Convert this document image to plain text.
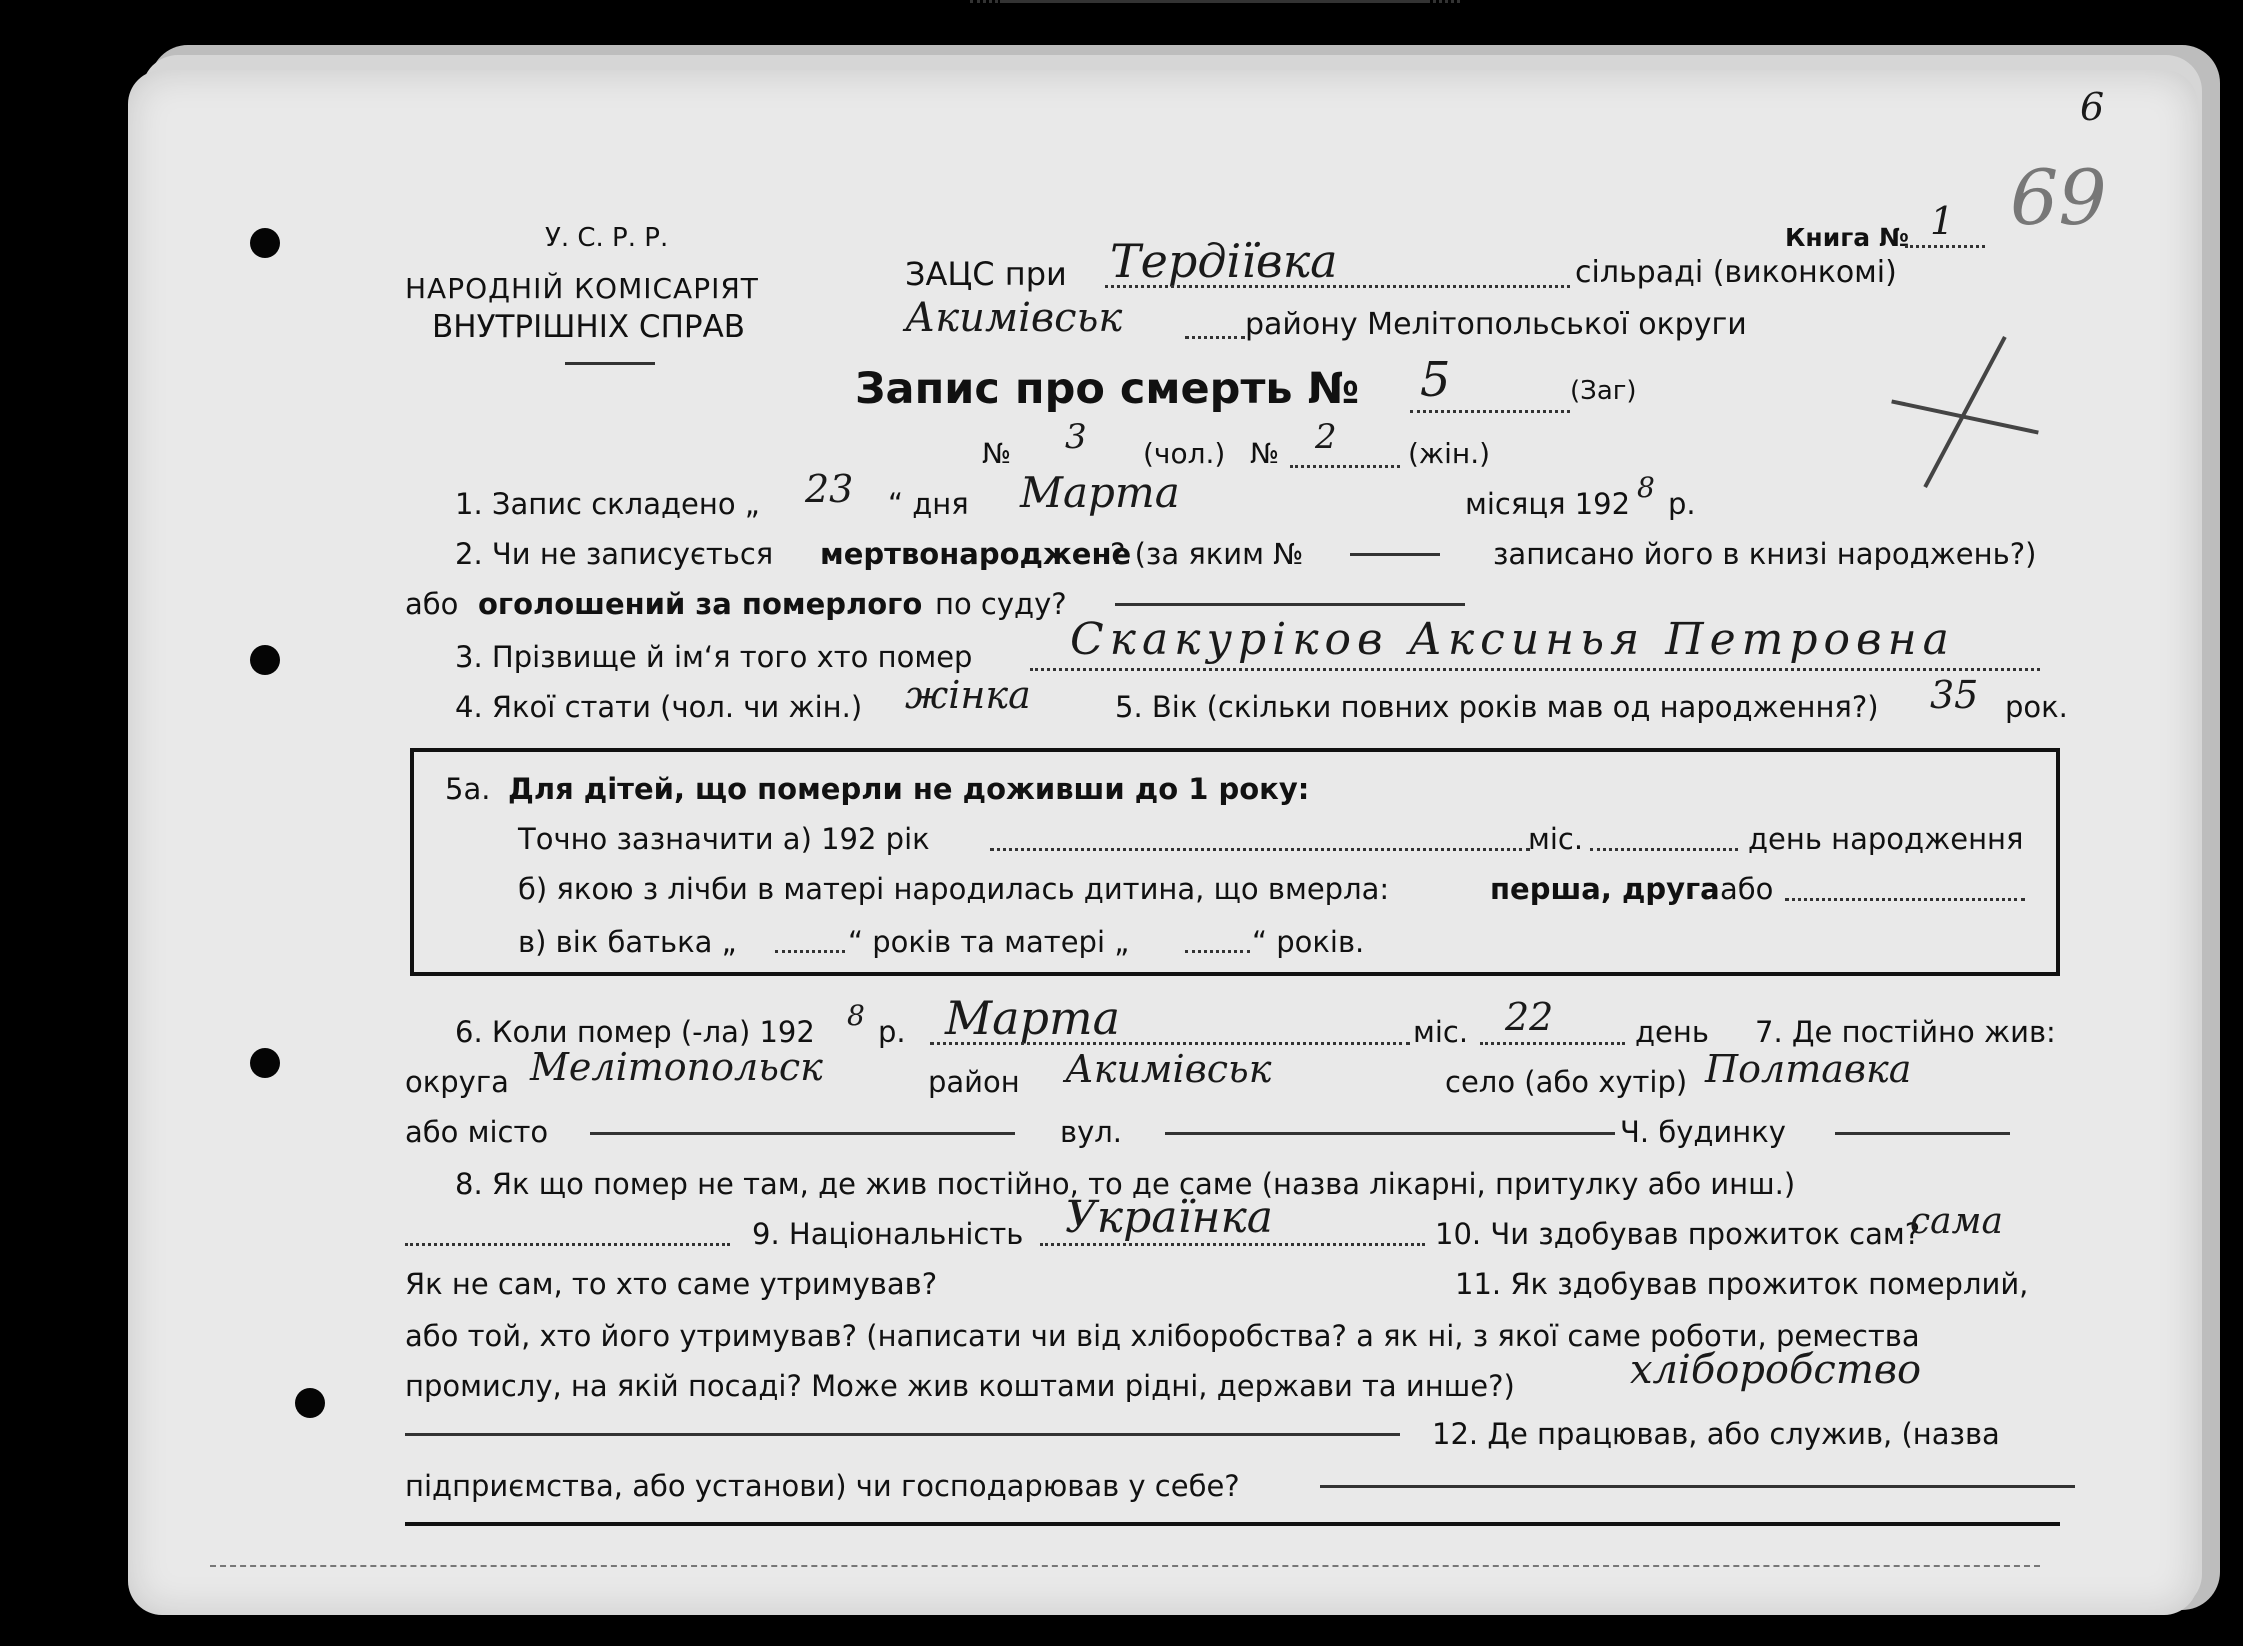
6
69
У. С. Р. Р.
НАРОДНІЙ КОМІСАРІЯТ
ВНУТРІШНІХ СПРАВ
Книга № 1
ЗАЦС при Тердіївка	сільраді (виконкомі)
Акимівськ	району Мелітопольської округи
Запис про смерть № 5	(Заг)
№ 3 (чол.) № 2	(жін.)
1. Запис складено „ 23 “ дня Марта	місяця 192 8 р.
2. Чи не записується мертвонароджене
? (за яким №	записано його в книзі народжень?)
або оголошений за померлого по суду?
3. Прізвище й ім‘я того хто помер Скакуріков Аксинья Петровна
4. Якої стати (чол. чи жін.) жінка	5. Вік (скільки повних років мав од народження?) 35 рок.
5а. Для дітей, що померли не доживши до 1 року:
Точно зазначити а) 192 рік	міс.	день народження
б) якою з лічби в матері народилась дитина, що вмерла:	перша, друга або
в) вік батька „	“ років та матері „	“ років.
6. Коли помер (-ла) 192 8 р. Марта	міс. 22	день 7. Де постійно жив:
округа Мелітопольск	район Акимівськ	село (або хутір) Полтавка
або місто	вул.	Ч. будинку
8. Як що помер не там, де жив постійно, то де саме (назва лікарні, притулку або инш.)
9. Національність Українка	10. Чи здобував прожиток сам?
сама
Як не сам, то хто саме утримував?	11. Як здобував прожиток померлий,
або той, хто його утримував? (написати чи від хліборобства? а як ні, з якої саме роботи, ремества
промислу, на якій посаді? Може жив коштами рідні, держави та инше?)	хліборобство
12. Де працював, або служив, (назва
підприємства, або установи) чи господарював у себе?
